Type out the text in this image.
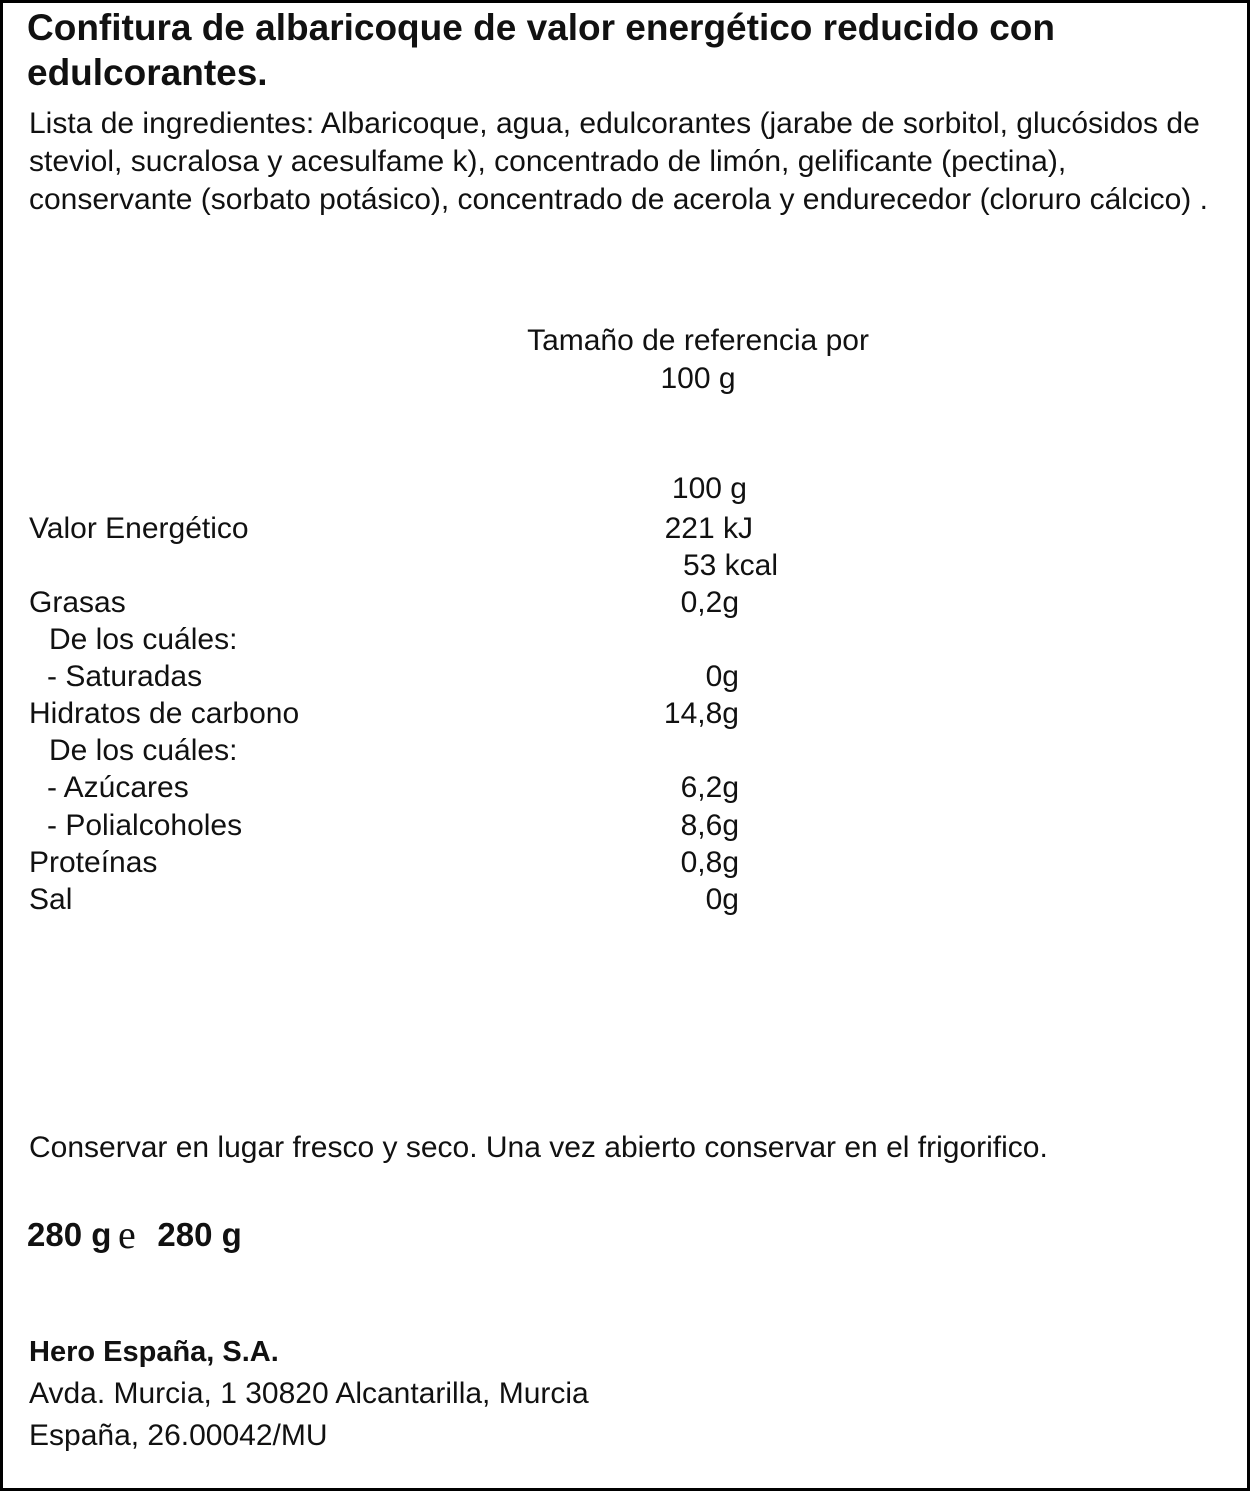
Confitura de albaricoque de valor energético reducido con edulcorantes.
Lista de ingredientes: Albaricoque, agua, edulcorantes (jarabe de sorbitol, glucósidos de steviol, sucralosa y acesulfame k), concentrado de limón, gelificante (pectina), conservante (sorbato potásico), concentrado de acerola y endurecedor (cloruro cálcico) .
Tamaño de referencia por
100 g
100 g
Valor Energético	221 kJ
53 kcal
Grasas	0,2g
De los cuáles:
- Saturadas	0g
Hidratos de carbono	14,8g
De los cuáles:
- Azúcares	6,2g
- Polialcoholes	8,6g
Proteínas	0,8g
Sal	0g
Conservar en lugar fresco y seco. Una vez abierto conservar en el frigorifico.
280 g e 280 g
Hero España, S.A.
Avda. Murcia, 1 30820 Alcantarilla, Murcia
España, 26.00042/MU
